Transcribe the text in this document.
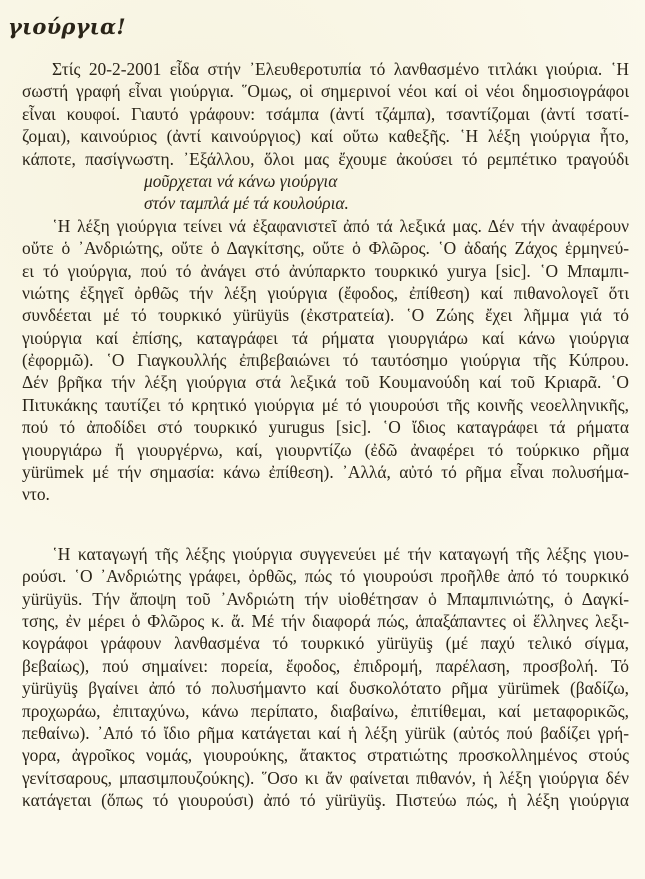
γιούργια!
Στίς 20-2-2001 εἶδα στήν ᾿Ελευθεροτυπία τό λανθασμένο τιτλάκι γιούρια. ῾Η
σωστή γραφή εἶναι γιούργια. ῞Ομως, οἱ σημερινοί νέοι καί οἱ νέοι δημοσιογράφοι
εἶναι κουφοί. Γιαυτό γράφουν: τσάμπα (ἀντί τζάμπα), τσαντίζομαι (ἀντί τσατί-
ζομαι), καινούριος (ἀντί καινούργιος) καί οὕτω καθεξῆς. ῾Η λέξη γιούργια ἦτο,
κάποτε, πασίγνωστη. ᾿Εξάλλου, ὅλοι μας ἔχουμε ἀκούσει τό ρεμπέτικο τραγούδι
μοῦρχεται νά κάνω γιούργια
στόν ταμπλά μέ τά κουλούρια.
῾Η λέξη γιούργια τείνει νά ἐξαφανιστεῖ ἀπό τά λεξικά μας. Δέν τήν ἀναφέρουν
οὔτε ὁ ᾿Ανδριώτης, οὔτε ὁ Δαγκίτσης, οὔτε ὁ Φλῶρος. ῾Ο ἀδαής Ζάχος ἑρμηνεύ-
ει τό γιούργια, πού τό ἀνάγει στό ἀνύπαρκτο τουρκικό yurya [sic]. ῾Ο Μπαμπι-
νιώτης ἐξηγεῖ ὀρθῶς τήν λέξη γιούργια (ἔφοδος, ἐπίθεση) καί πιθανολογεῖ ὅτι
συνδέεται μέ τό τουρκικό yürüyüs (ἐκστρατεία). ῾Ο Ζώης ἔχει λῆμμα γιά τό
γιούργια καί ἐπίσης, καταγράφει τά ρήματα γιουργιάρω καί κάνω γιούργια
(ἐφορμῶ). ῾Ο Γιαγκουλλής ἐπιβεβαιώνει τό ταυτόσημο γιούργια τῆς Κύπρου.
Δέν βρῆκα τήν λέξη γιούργια στά λεξικά τοῦ Κουμανούδη καί τοῦ Κριαρᾶ. ῾Ο
Πιτυκάκης ταυτίζει τό κρητικό γιούργια μέ τό γιουρούσι τῆς κοινῆς νεοελληνικῆς,
πού τό ἀποδίδει στό τουρκικό yurugus [sic]. ῾Ο ἴδιος καταγράφει τά ρήματα
γιουργιάρω ἤ γιουργέρνω, καί, γιουρντίζω (ἐδῶ ἀναφέρει τό τούρκικο ρῆμα
yürümek μέ τήν σημασία: κάνω ἐπίθεση). ᾿Αλλά, αὐτό τό ρῆμα εἶναι πολυσήμα-
ντο.
῾Η καταγωγή τῆς λέξης γιούργια συγγενεύει μέ τήν καταγωγή τῆς λέξης γιου-
ρούσι. ῾Ο ᾿Ανδριώτης γράφει, ὀρθῶς, πώς τό γιουρούσι προῆλθε ἀπό τό τουρκικό
yürüyüs. Τήν ἄποψη τοῦ ᾿Ανδριώτη τήν υἱοθέτησαν ὁ Μπαμπινιώτης, ὁ Δαγκί-
τσης, ἐν μέρει ὁ Φλῶρος κ. ἄ. Μέ τήν διαφορά πώς, ἁπαξάπαντες οἱ ἕλληνες λεξι-
κογράφοι γράφουν λανθασμένα τό τουρκικό yürüyüş (μέ παχύ τελικό σίγμα,
βεβαίως), πού σημαίνει: πορεία, ἔφοδος, ἐπιδρομή, παρέλαση, προσβολή. Τό
yürüyüş βγαίνει ἀπό τό πολυσήμαντο καί δυσκολότατο ρῆμα yürümek (βαδίζω,
προχωράω, ἐπιταχύνω, κάνω περίπατο, διαβαίνω, ἐπιτίθεμαι, καί μεταφορικῶς,
πεθαίνω). ᾿Από τό ἴδιο ρῆμα κατάγεται καί ἡ λέξη yürük (αὐτός πού βαδίζει γρή-
γορα, ἀγροῖκος νομάς, γιουρούκης, ἄτακτος στρατιώτης προσκολλημένος στούς
γενίτσαρους, μπασιμπουζούκης). ῞Οσο κι ἄν φαίνεται πιθανόν, ἡ λέξη γιούργια δέν
κατάγεται (ὅπως τό γιουρούσι) ἀπό τό yürüyüş. Πιστεύω πώς, ἡ λέξη γιούργια
